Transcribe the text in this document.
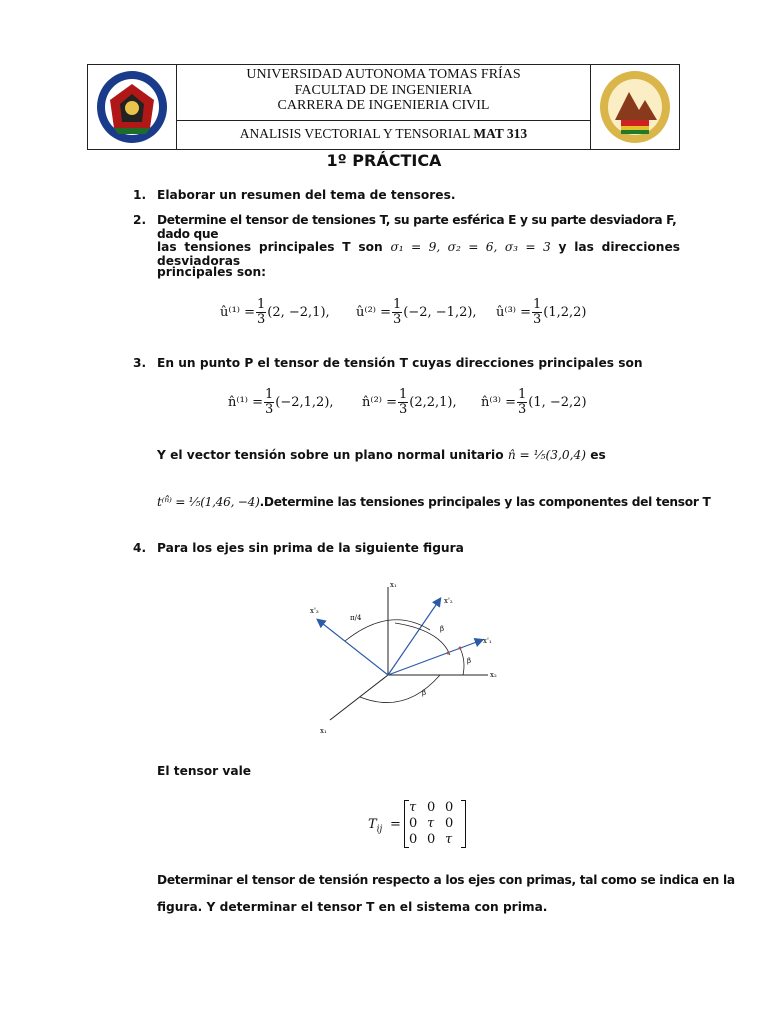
UNIVERSIDAD AUTONOMA TOMAS FRÍAS
FACULTAD DE INGENIERIA
CARRERA DE INGENIERIA CIVIL
ANALISIS VECTORIAL Y TENSORIAL MAT 313
1º PRÁCTICA
1. Elaborar un resumen del tema de tensores.
2. Determine el tensor de tensiones T, su parte esférica E y su parte desviadora F, dado que
las tensiones principales T son σ₁ = 9, σ₂ = 6, σ₃ = 3 y las direcciones desviadoras
principales son:
û⁽¹⁾ = $\frac{1}{3} (2$, −2,1), û⁽²⁾ = $\frac{1}{3} (-2$, −1,2), û⁽³⁾ = $\frac{1}{3} (1,2,2)$
3. En un punto P el tensor de tensión T cuyas direcciones principales son
n̂⁽¹⁾ = $\frac{1}{3} (-2,1,2)$, n̂⁽²⁾ = $\frac{1}{3} (2,2,1)$, n̂⁽³⁾ = $\frac{1}{3} (1$, −2,2)
Y el vector tensión sobre un plano normal unitario n̂ = ⅕(3,0,4) es
t⁽ⁿ̂⁾ = ⅕(1,46, −4).Determine las tensiones principales y las componentes del tensor T
4. Para los ejes sin prima de la siguiente figura
x₁
x'₃
x'₂
x'₁
x₂
x₁
π/4
β
β
β
El tensor vale
$T_{ij}$ =
τ 0 0
0 τ 0
0 0 τ
Determinar el tensor de tensión respecto a los ejes con primas, tal como se indica en la
figura. Y determinar el tensor T en el sistema con prima.
